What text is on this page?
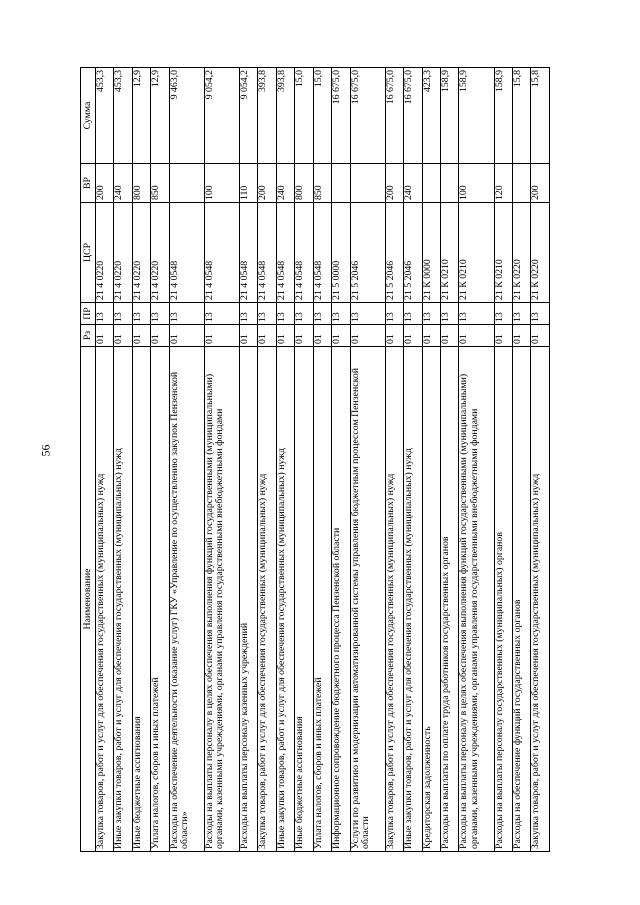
56
Наименование	Рз	ПР	ЦСР	ВР	Сумма
Закупка товаров, работ и услуг для обеспечения государственных (муниципальных) нужд	01	13	21 4 0220	200	453,3
Иные закупки товаров, работ и услуг для обеспечения государственных (муниципальных) нужд	01	13	21 4 0220	240	453,3
Иные бюджетные ассигнования	01	13	21 4 0220	800	12,9
Уплата налогов, сборов и иных платежей	01	13	21 4 0220	850	12,9
Расходы на обеспечение деятельности (оказание услуг) ГКУ «Управление по осуществлению закупок Пензенской области»	01	13	21 4 0548		9 463,0
Расходы на выплаты персоналу в целях обеспечения выполнения функций государственными (муниципальными) органами, казенными учреждениями, органами управления государственными внебюджетными фондами	01	13	21 4 0548	100	9 054,2
Расходы на выплаты персоналу казенных учреждений	01	13	21 4 0548	110	9 054,2
Закупка товаров, работ и услуг для обеспечения государственных (муниципальных) нужд	01	13	21 4 0548	200	393,8
Иные закупки товаров, работ и услуг для обеспечения государственных (муниципальных) нужд	01	13	21 4 0548	240	393,8
Иные бюджетные ассигнования	01	13	21 4 0548	800	15,0
Уплата налогов, сборов и иных платежей	01	13	21 4 0548	850	15,0
Информационное сопровождение бюджетного процесса Пензенской области	01	13	21 5 0000		16 675,0
Услуги по развитию и модернизации автоматизированной системы управления бюджетным процессом Пензенской области	01	13	21 5 2046		16 675,0
Закупка товаров, работ и услуг для обеспечения государственных (муниципальных) нужд	01	13	21 5 2046	200	16 675,0
Иные закупки товаров, работ и услуг для обеспечения государственных (муниципальных) нужд	01	13	21 5 2046	240	16 675,0
Кредиторская задолженность	01	13	21 К 0000		423,3
Расходы на выплаты по оплате труда работников государственных органов	01	13	21 К 0210		158,9
Расходы на выплаты персоналу в целях обеспечения выполнения функций государственными (муниципальными) органами, казенными учреждениями, органами управления государственными внебюджетными фондами	01	13	21 К 0210	100	158,9
Расходы на выплаты персоналу государственных (муниципальных) органов	01	13	21 К 0210	120	158,9
Расходы на обеспечение функций государственных органов	01	13	21 К 0220		15,8
Закупка товаров, работ и услуг для обеспечения государственных (муниципальных) нужд	01	13	21 К 0220	200	15,8
